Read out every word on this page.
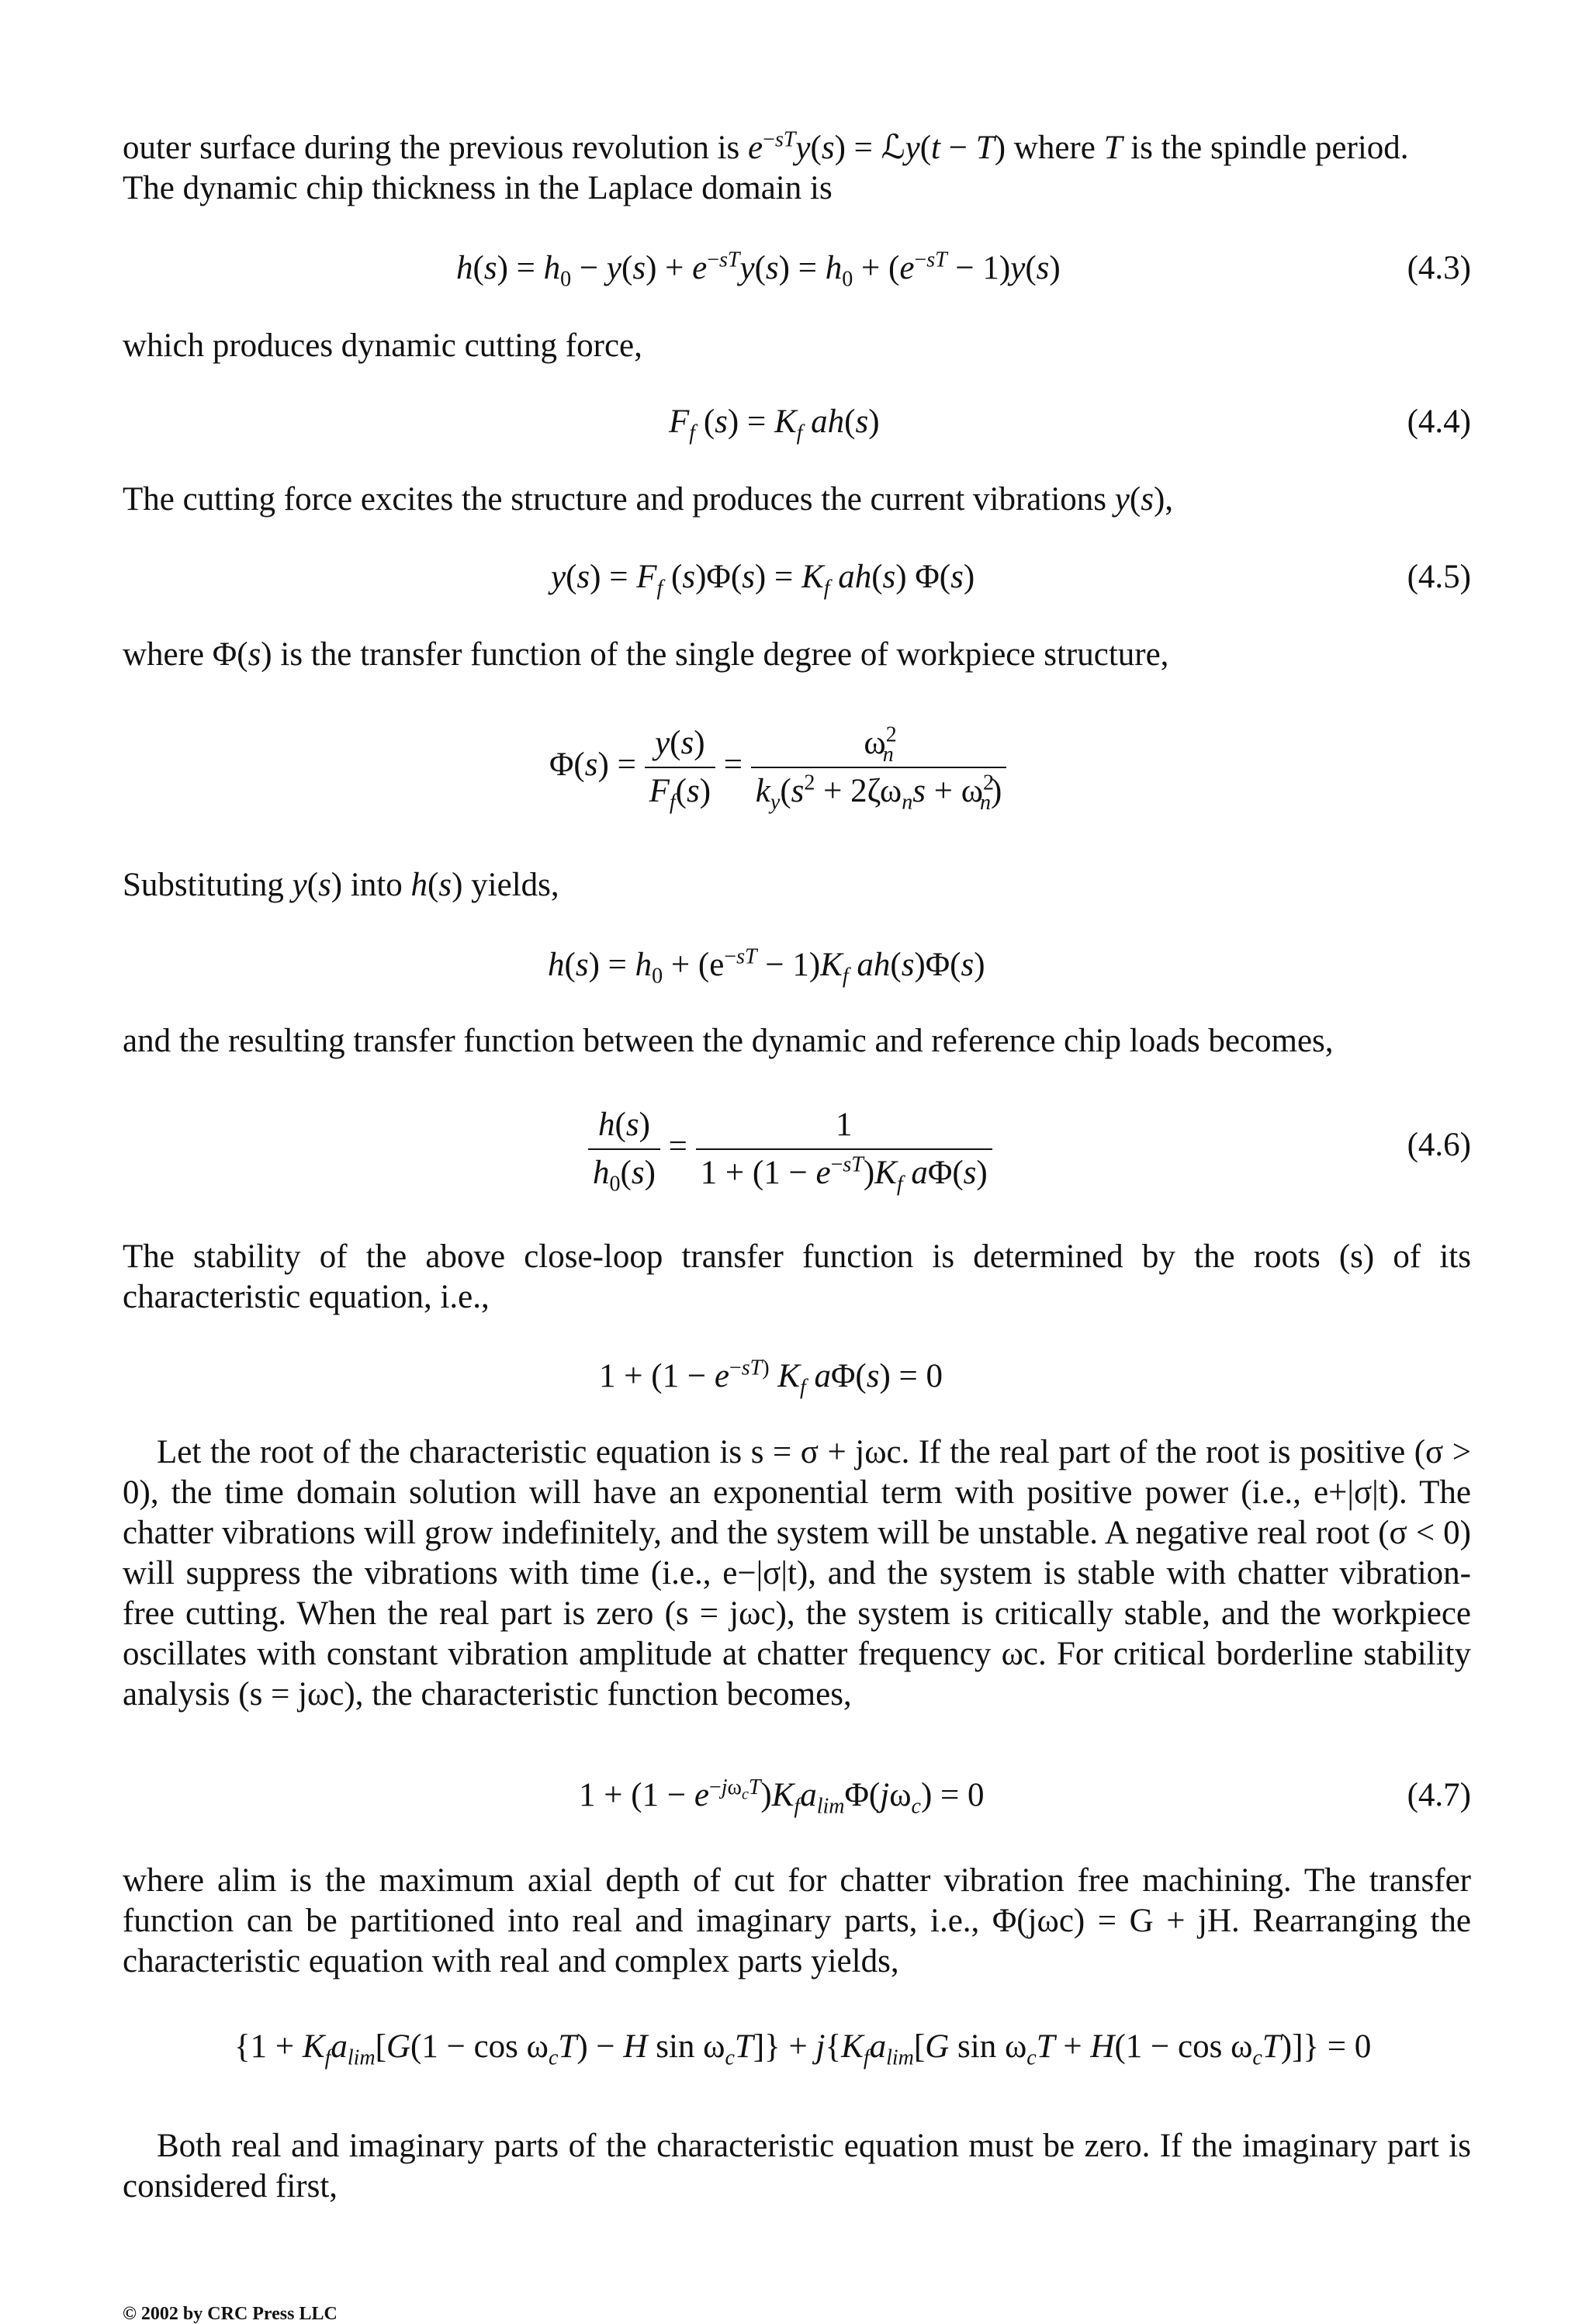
outer surface during the previous revolution is $e^{-sT}y(s)$ = ℒy(t − T) where T is the spindle period.
The dynamic chip thickness in the Laplace domain is

$h(s) = h_0 - y(s) + e^{-sT}y(s) = h_0 + (e^{-sT} - 1)y(s)$	(4.3)

which produces dynamic cutting force,

$F_f$ $(s) = K_f$ ah(s)	(4.4)

The cutting force excites the structure and produces the current vibrations y(s),

$y(s) = F_f$ $(s)\Phi(s) = K_f$ ah(s) Φ(s)	(4.5)

where Φ(s) is the transfer function of the single degree of workpiece structure,

$\Phi(s) = \frac{y(s)}{F_f(s)} = \frac{\omega^2_n}{k_y(s^2 + 2\zeta\omega_ns + \omega^2_n)}$

Substituting y(s) into h(s) yields,

$h(s) = h_0 + (e^{-sT} - 1)K_f$ ah(s)Φ(s)

and the resulting transfer function between the dynamic and reference chip loads becomes,

$\frac{h(s)}{h_0(s)} = \frac{1}{1 + (1 - e^{-sT})K_f a\Phi(s)}$	(4.6)

The stability of the above close-loop transfer function is determined by the roots (s) of its characteristic equation, i.e.,

$1 + (1 - e^{-sT)}$ $K_f$ aΦ(s) = 0

Let the root of the characteristic equation is s = σ + jωc. If the real part of the root is positive (σ > 0), the time domain solution will have an exponential term with positive power (i.e., e+|σ|t). The chatter vibrations will grow indefinitely, and the system will be unstable. A negative real root (σ < 0) will suppress the vibrations with time (i.e., e−|σ|t), and the system is stable with chatter vibration-free cutting. When the real part is zero (s = jωc), the system is critically stable, and the workpiece oscillates with constant vibration amplitude at chatter frequency ωc. For critical borderline stability analysis (s = jωc), the characteristic function becomes,

$1 + (1 - e^{-j\omega_cT})K_fa_{lim}\Phi(j\omega_c) = 0$	(4.7)

where alim is the maximum axial depth of cut for chatter vibration free machining. The transfer function can be partitioned into real and imaginary parts, i.e., Φ(jωc) = G + jH. Rearranging the characteristic equation with real and complex parts yields,

{$1 + K_fa_{lim}[G(1 - \cos \omega_cT) - H$ $\sin \omega_cT]\} + j\{K_fa_{lim}[G$ $\sin \omega_cT + H(1 - \cos \omega_cT)]\} = 0$

Both real and imaginary parts of the characteristic equation must be zero. If the imaginary part is considered first,

© 2002 by CRC Press LLC
